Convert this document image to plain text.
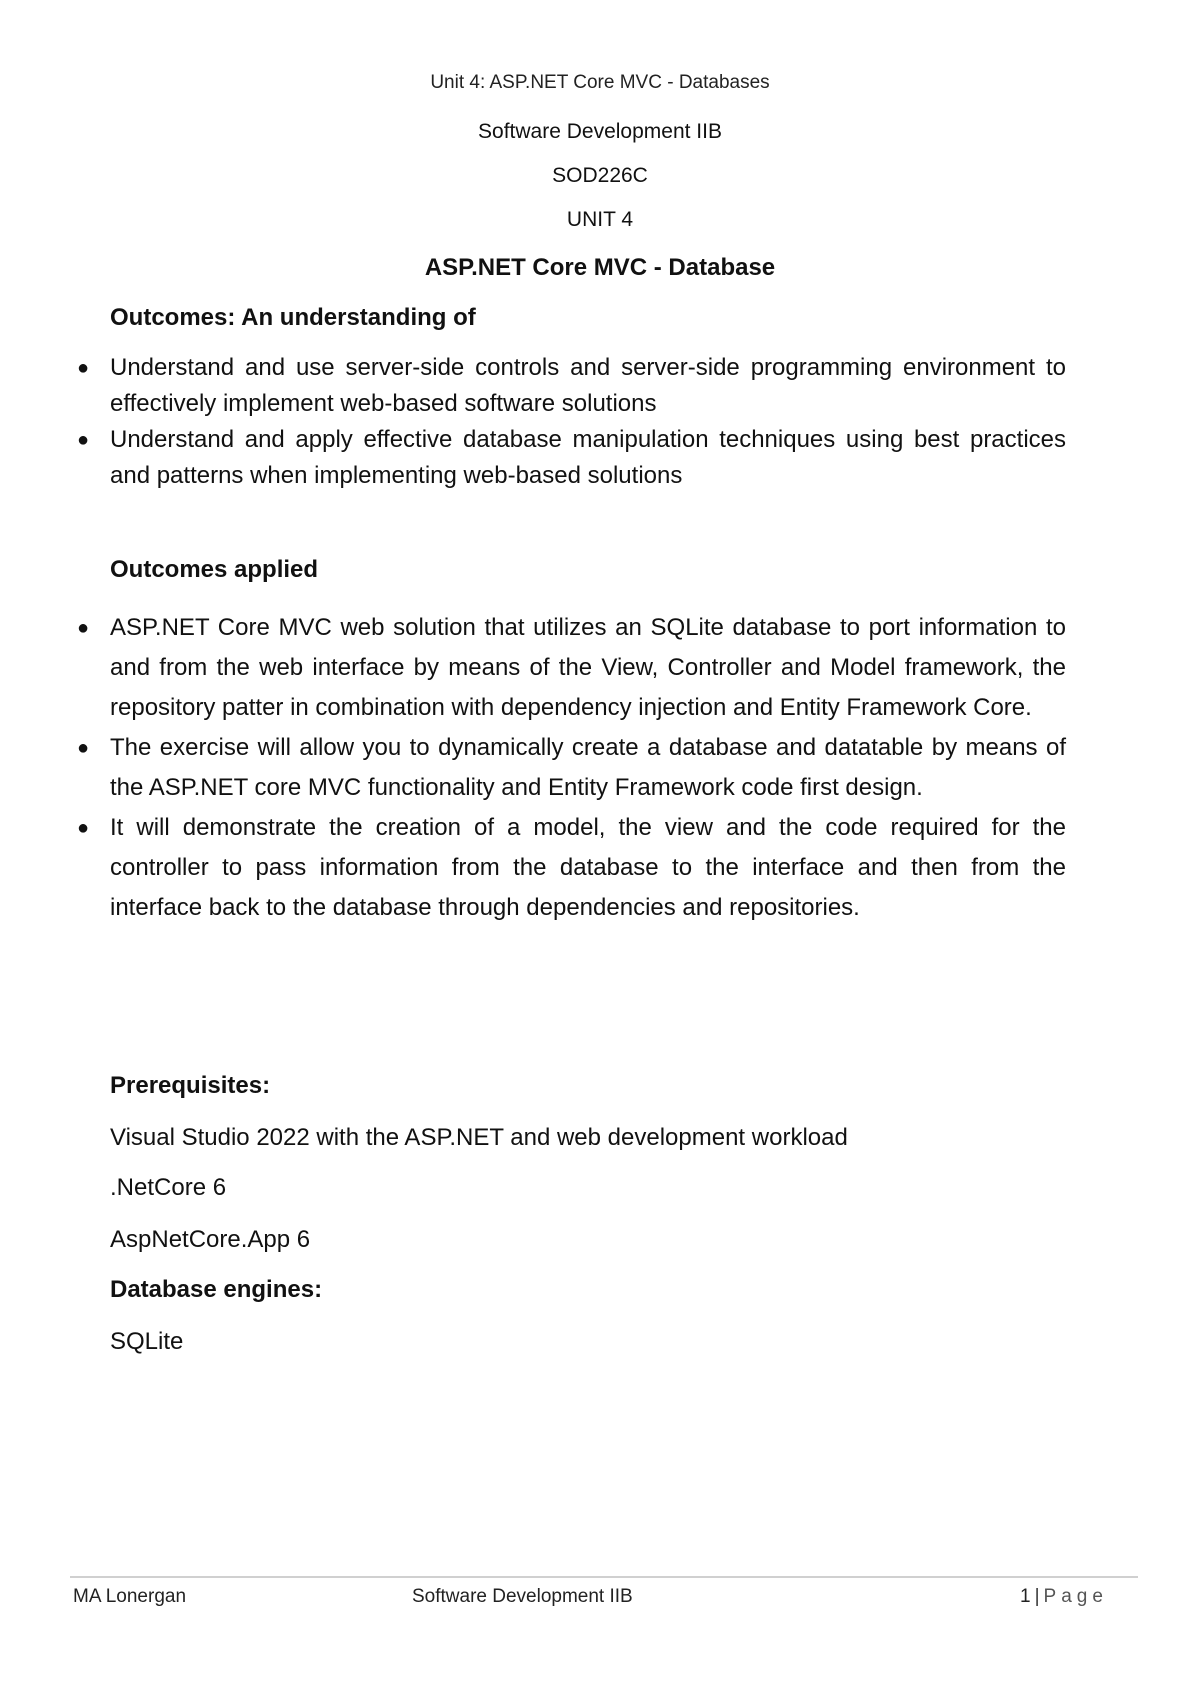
Unit 4: ASP.NET Core MVC - Databases
Software Development IIB
SOD226C
UNIT 4
ASP.NET Core MVC - Database
Outcomes: An understanding of
● Understand and use server-side controls and server-side programming environment to effectively implement web-based software solutions
● Understand and apply effective database manipulation techniques using best practices and patterns when implementing web-based solutions
Outcomes applied
● ASP.NET Core MVC web solution that utilizes an SQLite database to port information to and from the web interface by means of the View, Controller and Model framework, the repository patter in combination with dependency injection and Entity Framework Core.
● The exercise will allow you to dynamically create a database and datatable by means of the ASP.NET core MVC functionality and Entity Framework code first design.
● It will demonstrate the creation of a model, the view and the code required for the controller to pass information from the database to the interface and then from the interface back to the database through dependencies and repositories.
Prerequisites:
Visual Studio 2022 with the ASP.NET and web development workload
.NetCore 6
AspNetCore.App 6
Database engines:
SQLite
MA Lonergan	Software Development IIB	1 | Page
